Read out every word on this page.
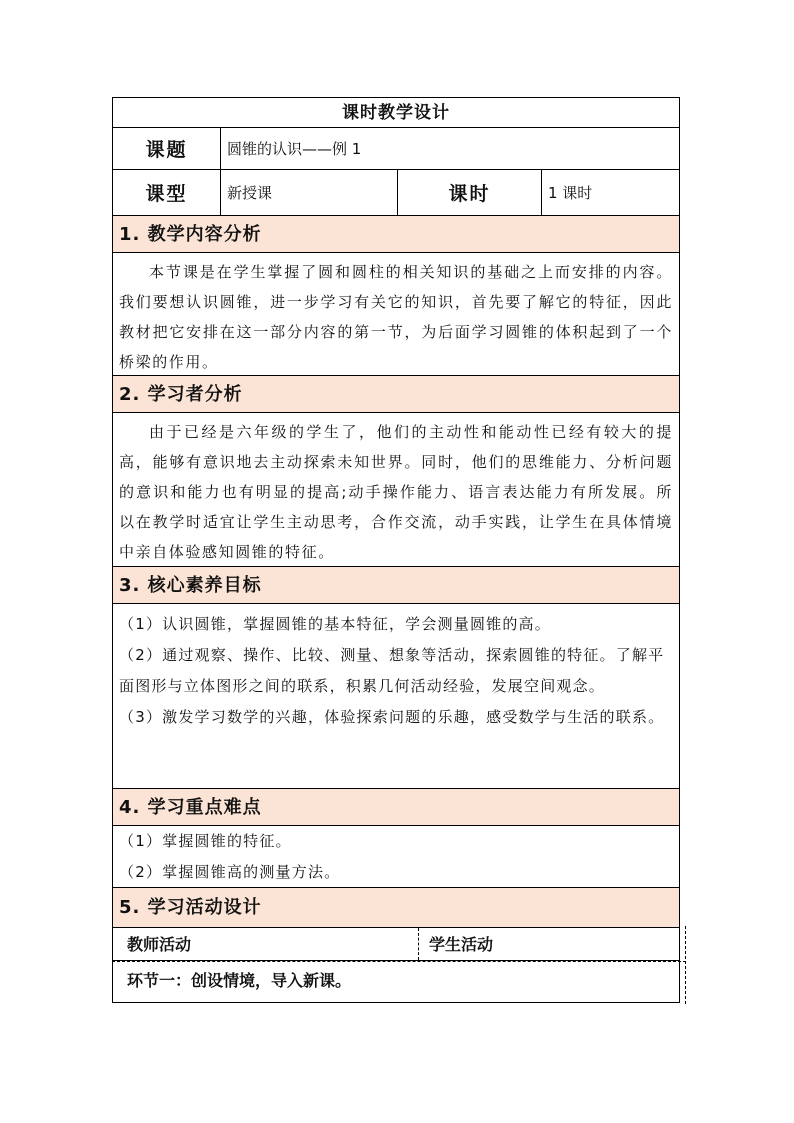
课时教学设计
课题	圆锥的认识——例 1
课型	新授课	课时	1 课时
1. 教学内容分析
本节课是在学生掌握了圆和圆柱的相关知识的基础之上而安排的内容。我们要想认识圆锥，进一步学习有关它的知识，首先要了解它的特征，因此教材把它安排在这一部分内容的第一节，为后面学习圆锥的体积起到了一个桥梁的作用。
2. 学习者分析
由于已经是六年级的学生了，他们的主动性和能动性已经有较大的提高，能够有意识地去主动探索未知世界。同时，他们的思维能力、分析问题的意识和能力也有明显的提高;动手操作能力、语言表达能力有所发展。所以在教学时适宜让学生主动思考，合作交流，动手实践，让学生在具体情境中亲自体验感知圆锥的特征。
3. 核心素养目标
（1）认识圆锥，掌握圆锥的基本特征，学会测量圆锥的高。
（2）通过观察、操作、比较、测量、想象等活动，探索圆锥的特征。了解平面图形与立体图形之间的联系，积累几何活动经验，发展空间观念。
（3）激发学习数学的兴趣，体验探索问题的乐趣，感受数学与生活的联系。
4. 学习重点难点
（1）掌握圆锥的特征。
（2）掌握圆锥高的测量方法。
5. 学习活动设计
教师活动	学生活动
环节一：创设情境，导入新课。
